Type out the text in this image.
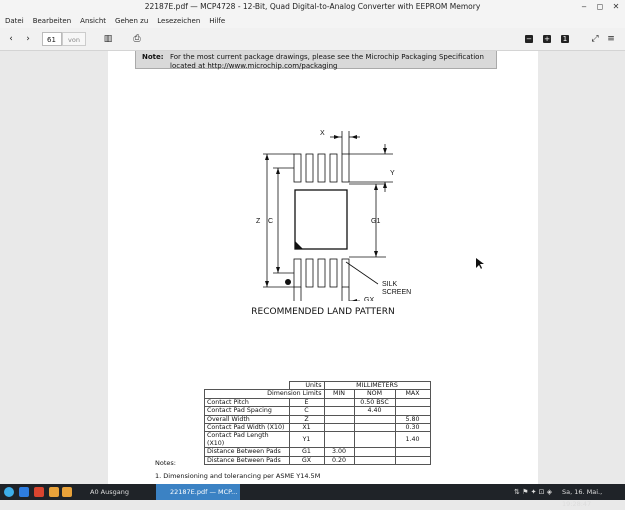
22187E.pdf — MCP4728 - 12-Bit, Quad Digital-to-Analog Converter with EEPROM Memory	‒	◻ ✕
Datei Bearbeiten Ansicht Gehen zu Lesezeichen Hilfe
‹	›	61	von	▥ ⎙	− + 1	⤢ ≡
Note: For the most current package drawings, please see the Microchip Packaging Specification located at http://www.microchip.com/packaging
X
Y
Z C	G1
SILK
SCREEN
GX
RECOMMENDED LAND PATTERN
	Units	MILLIMETERS		
Dimension Limits		MIN	NOM	MAX
Contact Pitch	E		0.50 BSC	
Contact Pad Spacing	C		4.40	
Overall Width	Z			5.80
Contact Pad Width (X10)	X1			0.30
Contact Pad Length (X10)	Y1			1.40
Distance Between Pads	G1	3.00		
Distance Between Pads	GX	0.20		
Notes:
1. Dimensioning and tolerancing per ASME Y14.5M
A0 Ausgang	22187E.pdf — MCP...	⇅ ⚑ ✦ ⊡ ◈ Sa, 16. Mai., 19:28:47
